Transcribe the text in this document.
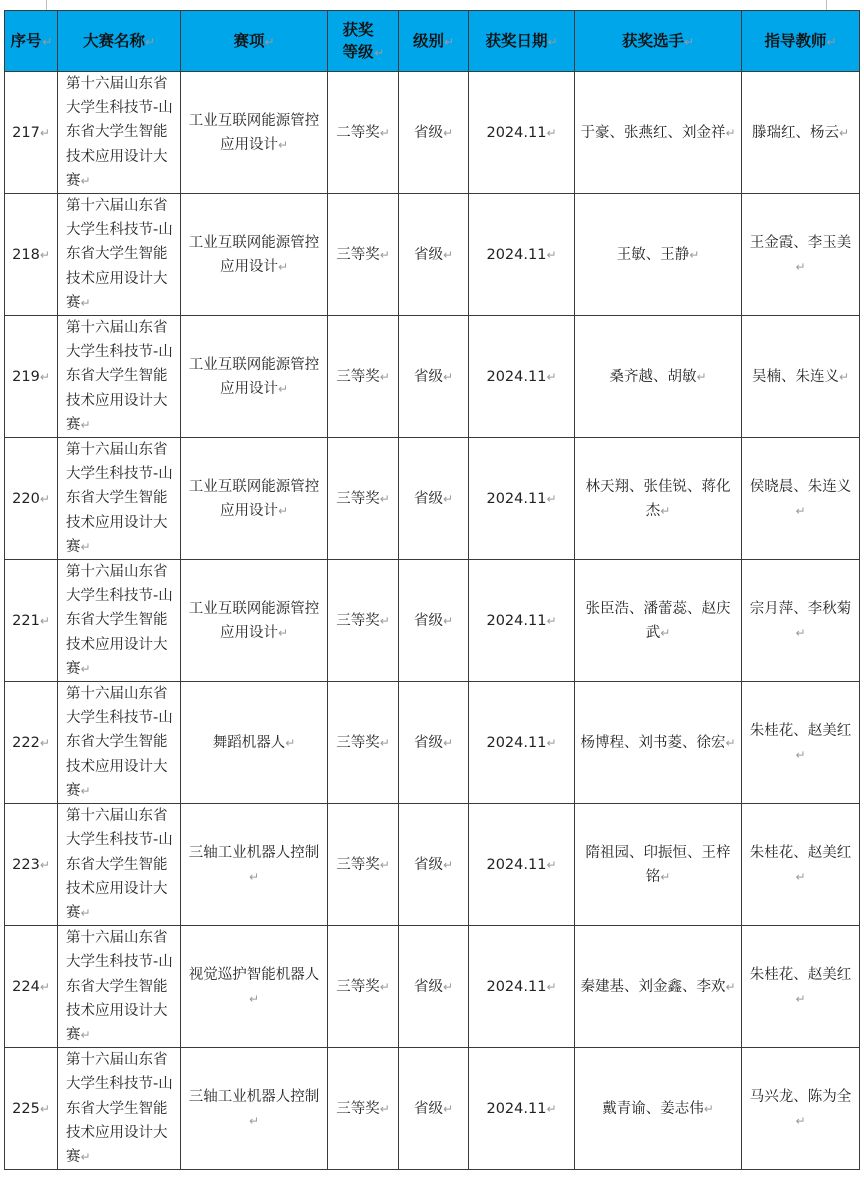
序号↵	大赛名称↵	赛项↵	获奖等级↵	级别↵	获奖日期↵	获奖选手↵	指导教师↵
217↵	第十六届山东省大学生科技节-山东省大学生智能技术应用设计大赛↵	工业互联网能源管控应用设计↵	二等奖↵	省级↵	2024.11↵	于豪、张燕红、刘金祥↵	滕瑞红、杨云↵
218↵	第十六届山东省大学生科技节-山东省大学生智能技术应用设计大赛↵	工业互联网能源管控应用设计↵	三等奖↵	省级↵	2024.11↵	王敏、王静↵	王金霞、李玉美↵
219↵	第十六届山东省大学生科技节-山东省大学生智能技术应用设计大赛↵	工业互联网能源管控应用设计↵	三等奖↵	省级↵	2024.11↵	桑齐越、胡敏↵	吴楠、朱连义↵
220↵	第十六届山东省大学生科技节-山东省大学生智能技术应用设计大赛↵	工业互联网能源管控应用设计↵	三等奖↵	省级↵	2024.11↵	林天翔、张佳锐、蒋化杰↵	侯晓晨、朱连义↵
221↵	第十六届山东省大学生科技节-山东省大学生智能技术应用设计大赛↵	工业互联网能源管控应用设计↵	三等奖↵	省级↵	2024.11↵	张臣浩、潘蕾蕊、赵庆武↵	宗月萍、李秋菊↵
222↵	第十六届山东省大学生科技节-山东省大学生智能技术应用设计大赛↵	舞蹈机器人↵	三等奖↵	省级↵	2024.11↵	杨博程、刘书菱、徐宏↵	朱桂花、赵美红↵
223↵	第十六届山东省大学生科技节-山东省大学生智能技术应用设计大赛↵	三轴工业机器人控制↵	三等奖↵	省级↵	2024.11↵	隋祖园、印振恒、王梓铭↵	朱桂花、赵美红↵
224↵	第十六届山东省大学生科技节-山东省大学生智能技术应用设计大赛↵	视觉巡护智能机器人↵	三等奖↵	省级↵	2024.11↵	秦建基、刘金鑫、李欢↵	朱桂花、赵美红↵
225↵	第十六届山东省大学生科技节-山东省大学生智能技术应用设计大赛↵	三轴工业机器人控制↵	三等奖↵	省级↵	2024.11↵	戴青谕、姜志伟↵	马兴龙、陈为全↵
